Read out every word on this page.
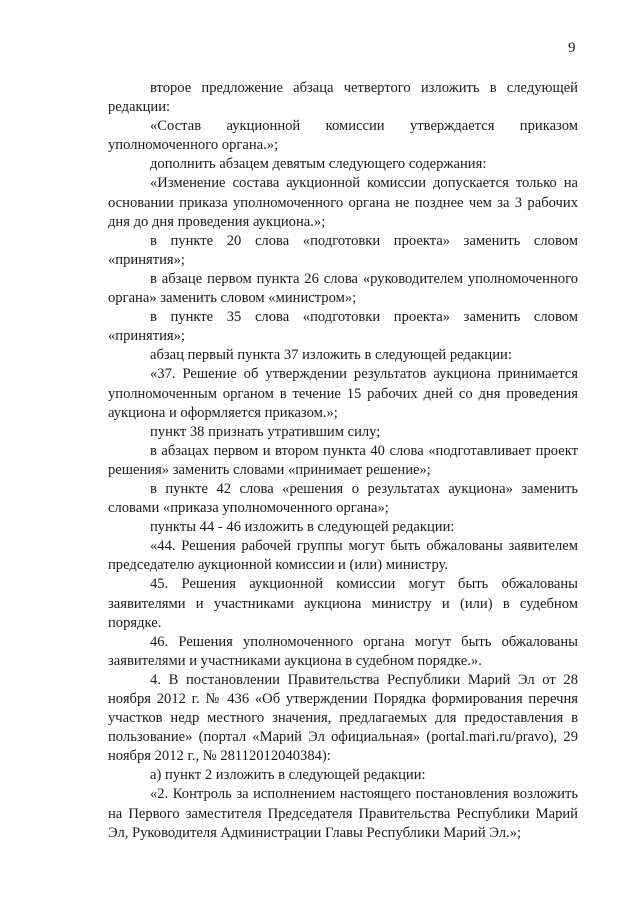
9

второе предложение абзаца четвертого изложить в следующей редакции:

«Состав аукционной комиссии утверждается приказом уполномоченного органа.»;

дополнить абзацем девятым следующего содержания:

«Изменение состава аукционной комиссии допускается только на основании приказа уполномоченного органа не позднее чем за 3 рабочих дня до дня проведения аукциона.»;

в пункте 20 слова «подготовки проекта» заменить словом «принятия»;

в абзаце первом пункта 26 слова «руководителем уполномоченного органа» заменить словом «министром»;

в пункте 35 слова «подготовки проекта» заменить словом «принятия»;

абзац первый пункта 37 изложить в следующей редакции:

«37. Решение об утверждении результатов аукциона принимается уполномоченным органом в течение 15 рабочих дней со дня проведения аукциона и оформляется приказом.»;

пункт 38 признать утратившим силу;

в абзацах первом и втором пункта 40 слова «подготавливает проект решения» заменить словами «принимает решение»;

в пункте 42 слова «решения о результатах аукциона» заменить словами «приказа уполномоченного органа»;

пункты 44 - 46 изложить в следующей редакции:

«44. Решения рабочей группы могут быть обжалованы заявителем председателю аукционной комиссии и (или) министру.

45. Решения аукционной комиссии могут быть обжалованы заявителями и участниками аукциона министру и (или) в судебном порядке.

46. Решения уполномоченного органа могут быть обжалованы заявителями и участниками аукциона в судебном порядке.».

4. В постановлении Правительства Республики Марий Эл от 28 ноября 2012 г. № 436 «Об утверждении Порядка формирования перечня участков недр местного значения, предлагаемых для предоставления в пользование» (портал «Марий Эл официальная» (portal.mari.ru/pravo), 29 ноября 2012 г., № 28112012040384):

а) пункт 2 изложить в следующей редакции:

«2. Контроль за исполнением настоящего постановления возложить на Первого заместителя Председателя Правительства Республики Марий Эл, Руководителя Администрации Главы Республики Марий Эл.»;
